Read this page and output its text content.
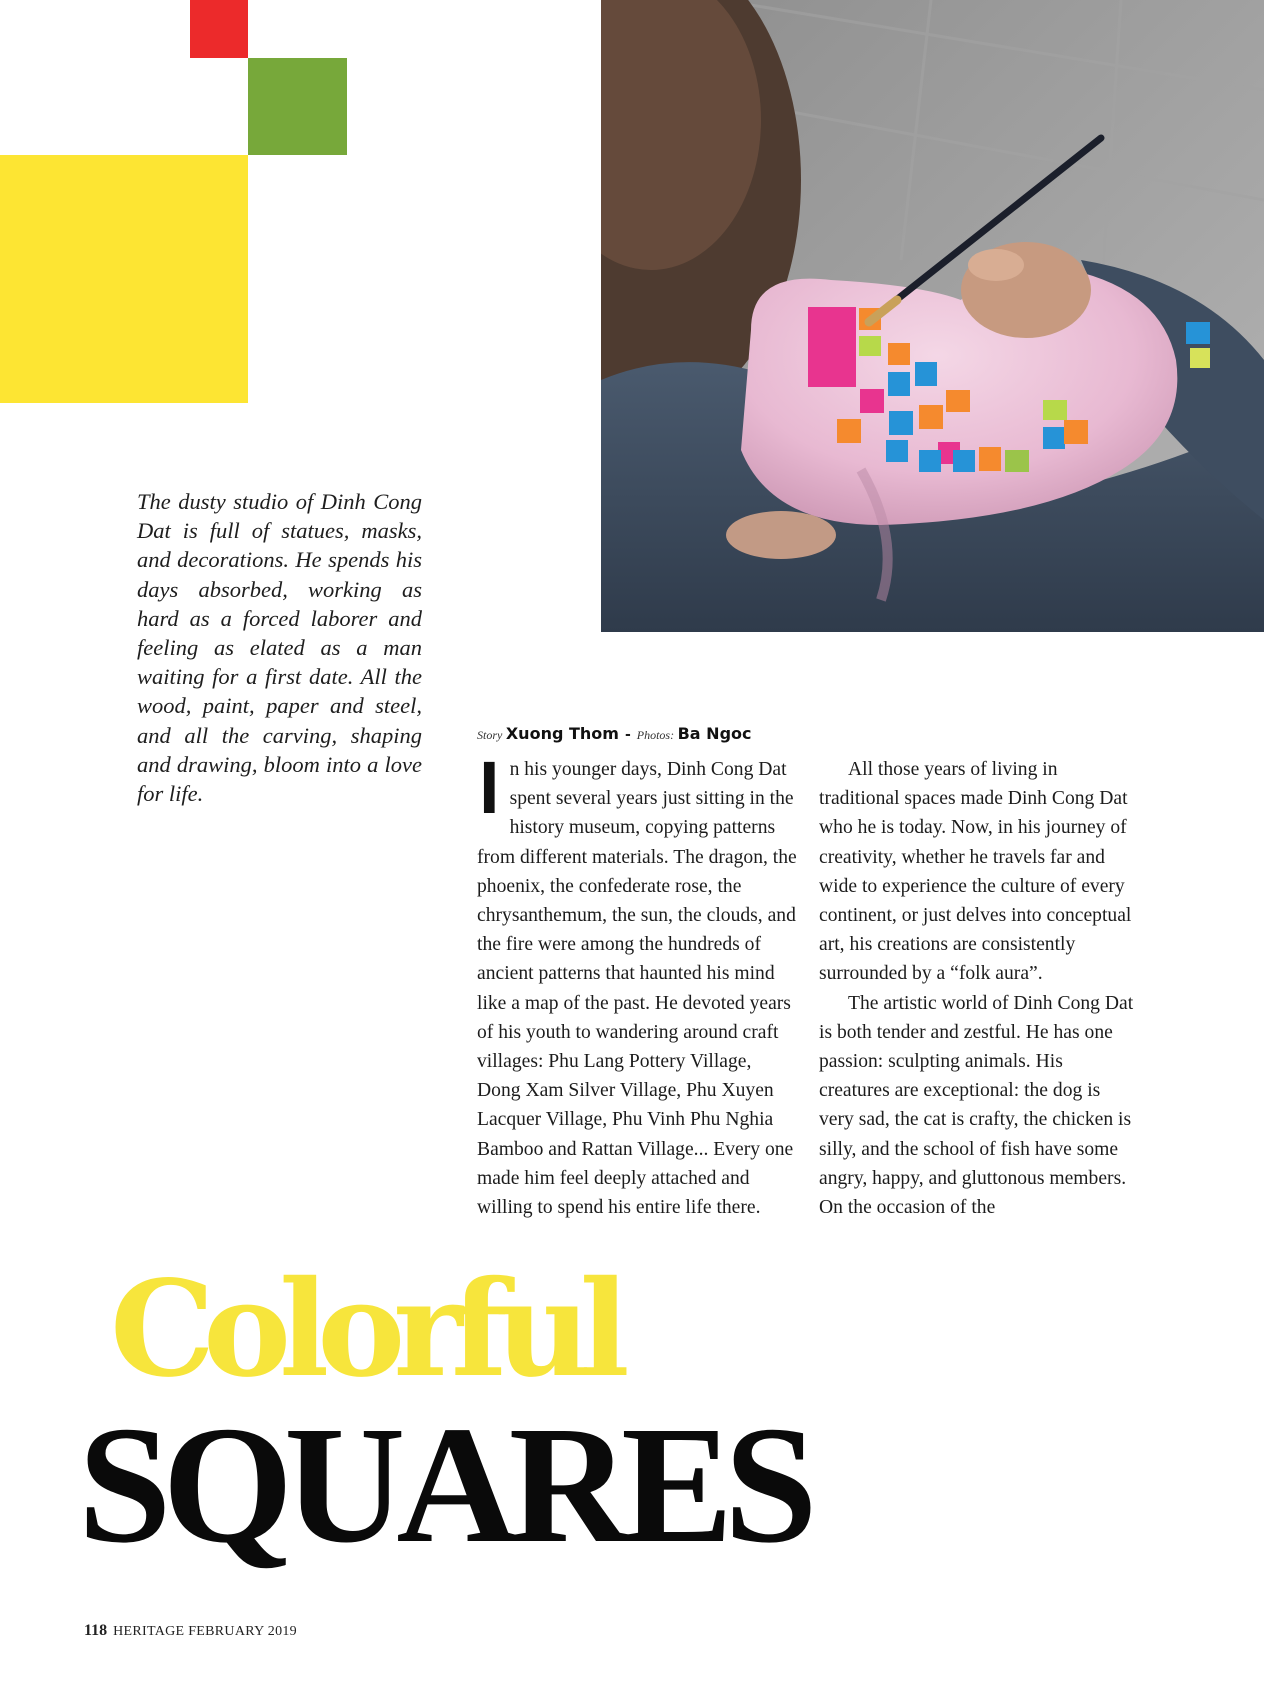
The dusty studio of Dinh Cong Dat is full of statues, masks, and decorations. He spends his days absorbed, working as hard as a forced laborer and feeling as elated as a man waiting for a first date. All the wood, paint, paper and steel, and all the carving, shaping and drawing, bloom into a love for life.

Story Xuong Thom - Photos: Ba Ngoc

I n his younger days, Dinh Cong Dat spent several years just sitting in the history museum, copying patterns from different materials. The dragon, the phoenix, the confederate rose, the chrysanthemum, the sun, the clouds, and the fire were among the hundreds of ancient patterns that haunted his mind like a map of the past. He devoted years of his youth to wandering around craft villages: Phu Lang Pottery Village, Dong Xam Silver Village, Phu Xuyen Lacquer Village, Phu Vinh Phu Nghia Bamboo and Rattan Village... Every one made him feel deeply attached and willing to spend his entire life there.

All those years of living in traditional spaces made Dinh Cong Dat who he is today. Now, in his journey of creativity, whether he travels far and wide to experience the culture of every continent, or just delves into conceptual art, his creations are consistently surrounded by a “folk aura”.

The artistic world of Dinh Cong Dat is both tender and zestful. He has one passion: sculpting animals. His creatures are exceptional: the dog is very sad, the cat is crafty, the chicken is silly, and the school of fish have some angry, happy, and gluttonous members. On the occasion of the

Colorful
SQUARES

118 HERITAGE FEBRUARY 2019
